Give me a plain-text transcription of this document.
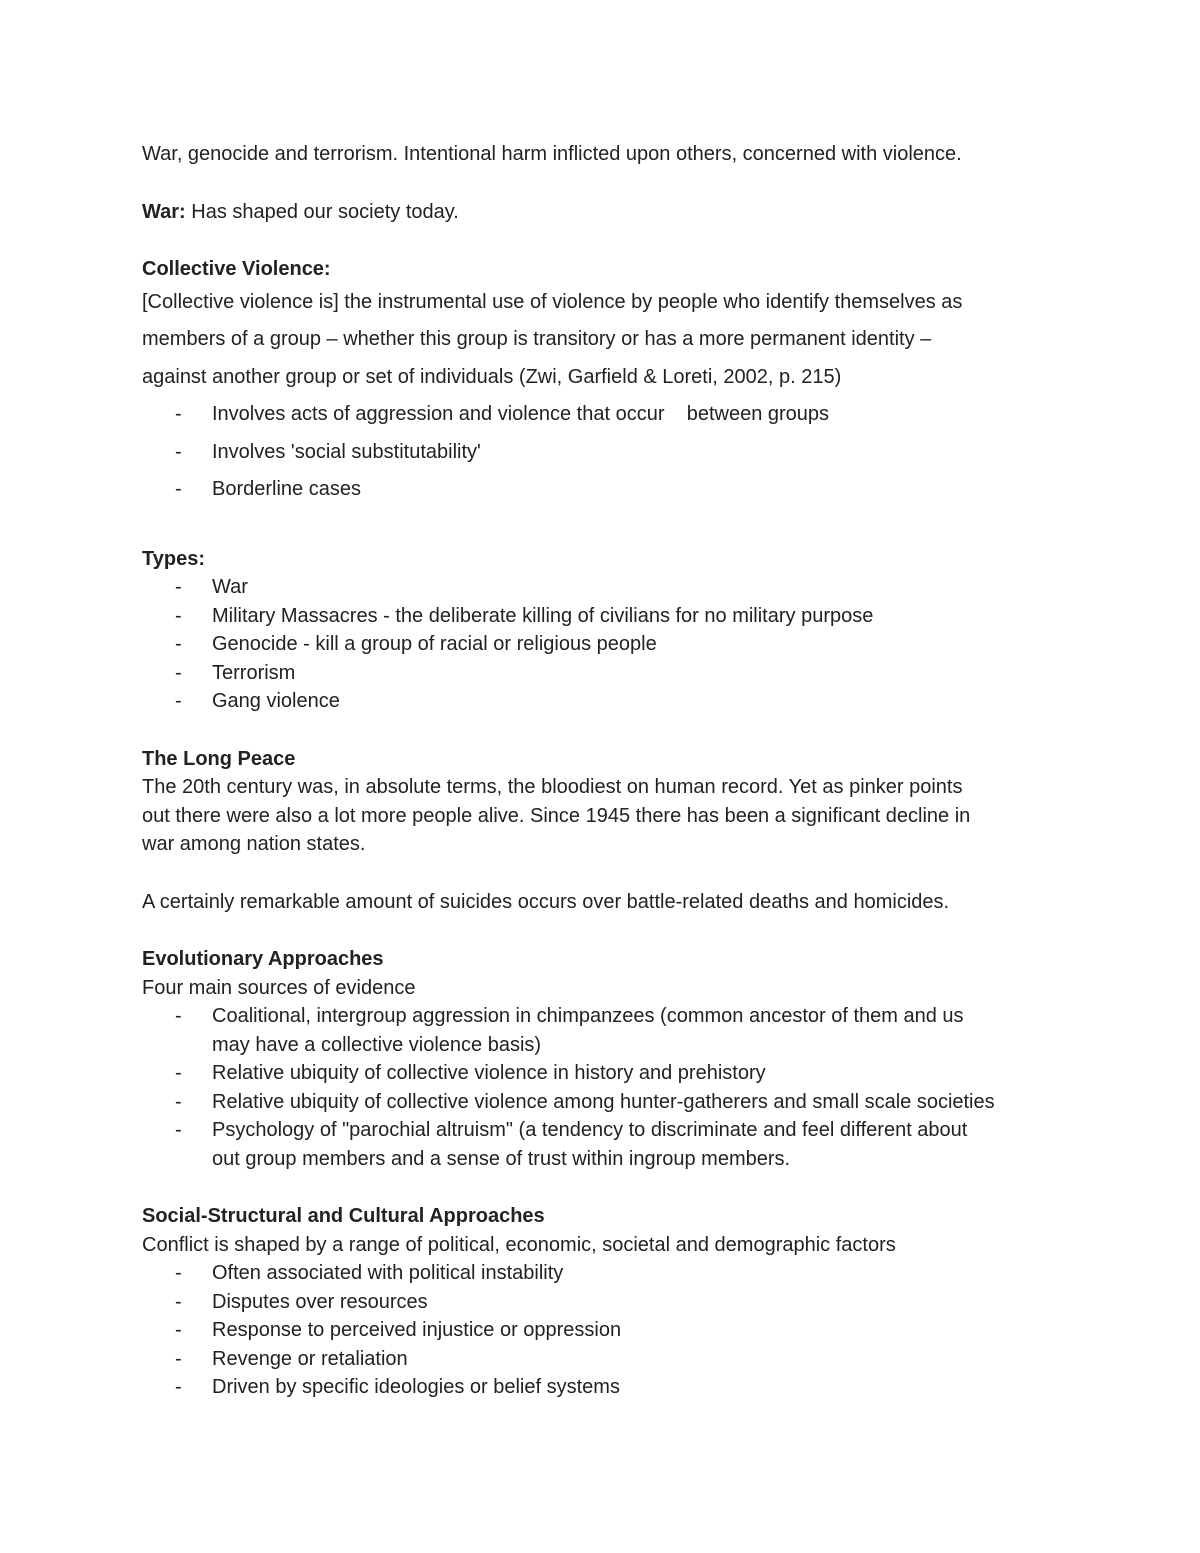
War, genocide and terrorism. Intentional harm inflicted upon others, concerned with violence.

War: Has shaped our society today.

Collective Violence:

[Collective violence is] the instrumental use of violence by people who identify themselves as

members of a group – whether this group is transitory or has a more permanent identity –

against another group or set of individuals (Zwi, Garfield & Loreti, 2002, p. 215)

- Involves acts of aggression and violence that occur    between groups
- Involves 'social substitutability'
- Borderline cases

Types:

- War
- Military Massacres - the deliberate killing of civilians for no military purpose
- Genocide - kill a group of racial or religious people
- Terrorism
- Gang violence

The Long Peace

The 20th century was, in absolute terms, the bloodiest on human record. Yet as pinker points

out there were also a lot more people alive. Since 1945 there has been a significant decline in

war among nation states.

A certainly remarkable amount of suicides occurs over battle-related deaths and homicides.

Evolutionary Approaches

Four main sources of evidence

- Coalitional, intergroup aggression in chimpanzees (common ancestor of them and us
may have a collective violence basis)
- Relative ubiquity of collective violence in history and prehistory
- Relative ubiquity of collective violence among hunter-gatherers and small scale societies
- Psychology of "parochial altruism" (a tendency to discriminate and feel different about
out group members and a sense of trust within ingroup members.

Social-Structural and Cultural Approaches

Conflict is shaped by a range of political, economic, societal and demographic factors

- Often associated with political instability
- Disputes over resources
- Response to perceived injustice or oppression
- Revenge or retaliation
- Driven by specific ideologies or belief systems
